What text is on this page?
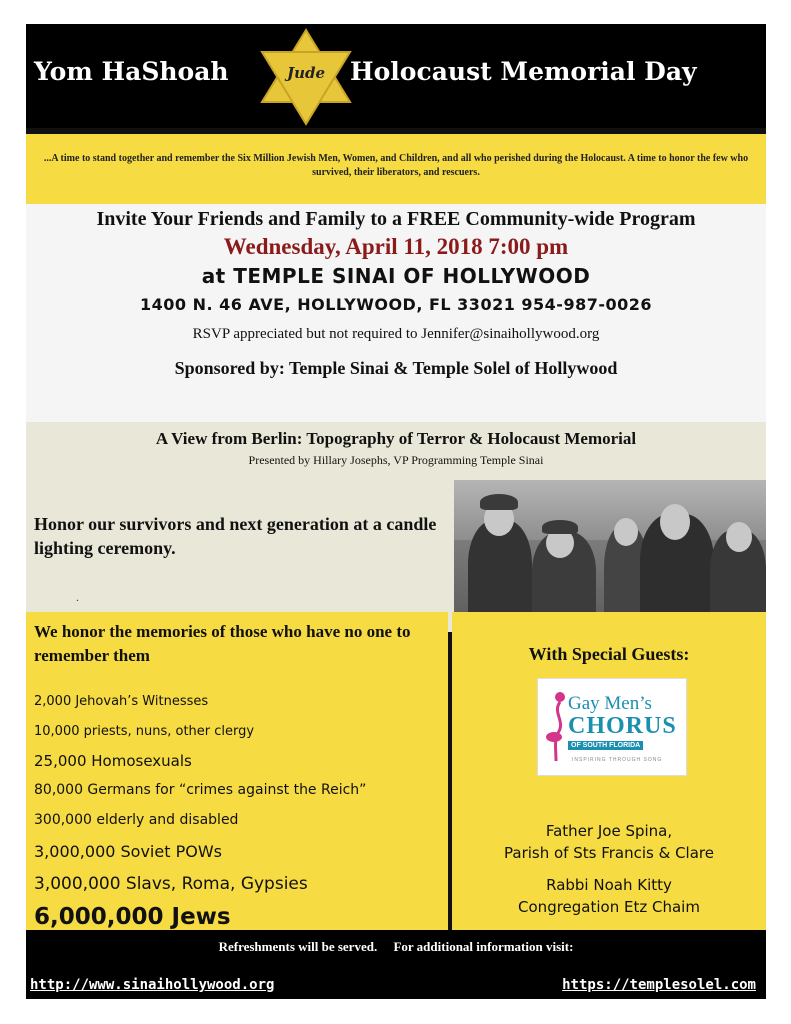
Yom HaShoah	Jude Holocaust Memorial Day
...A time to stand together and remember the Six Million Jewish Men, Women, and Children, and all who perished during the Holocaust. A time to honor the few who survived, their liberators, and rescuers.
Invite Your Friends and Family to a FREE Community-wide Program
Wednesday, April 11, 2018 7:00 pm
at TEMPLE SINAI OF HOLLYWOOD
1400 N. 46 AVE, HOLLYWOOD, FL 33021 954-987-0026
RSVP appreciated but not required to Jennifer@sinaihollywood.org
Sponsored by: Temple Sinai & Temple Solel of Hollywood
A View from Berlin: Topography of Terror & Holocaust Memorial
Presented by Hillary Josephs, VP Programming Temple Sinai
Honor our survivors and next generation at a candle lighting ceremony.
.
We honor the memories of those who have no one to remember them
2,000 Jehovah’s Witnesses
10,000 priests, nuns, other clergy
25,000 Homosexuals
80,000 Germans for “crimes against the Reich”
300,000 elderly and disabled
3,000,000 Soviet POWs
3,000,000 Slavs, Roma, Gypsies
6,000,000 Jews
With Special Guests:
Gay Men’s
CHORUS
OF SOUTH FLORIDA
INSPIRING THROUGH SONG
Father Joe Spina,
Parish of Sts Francis & Clare
Rabbi Noah Kitty
Congregation Etz Chaim
Refreshments will be served.     For additional information visit:
http://www.sinaihollywood.org	https://templesolel.com
